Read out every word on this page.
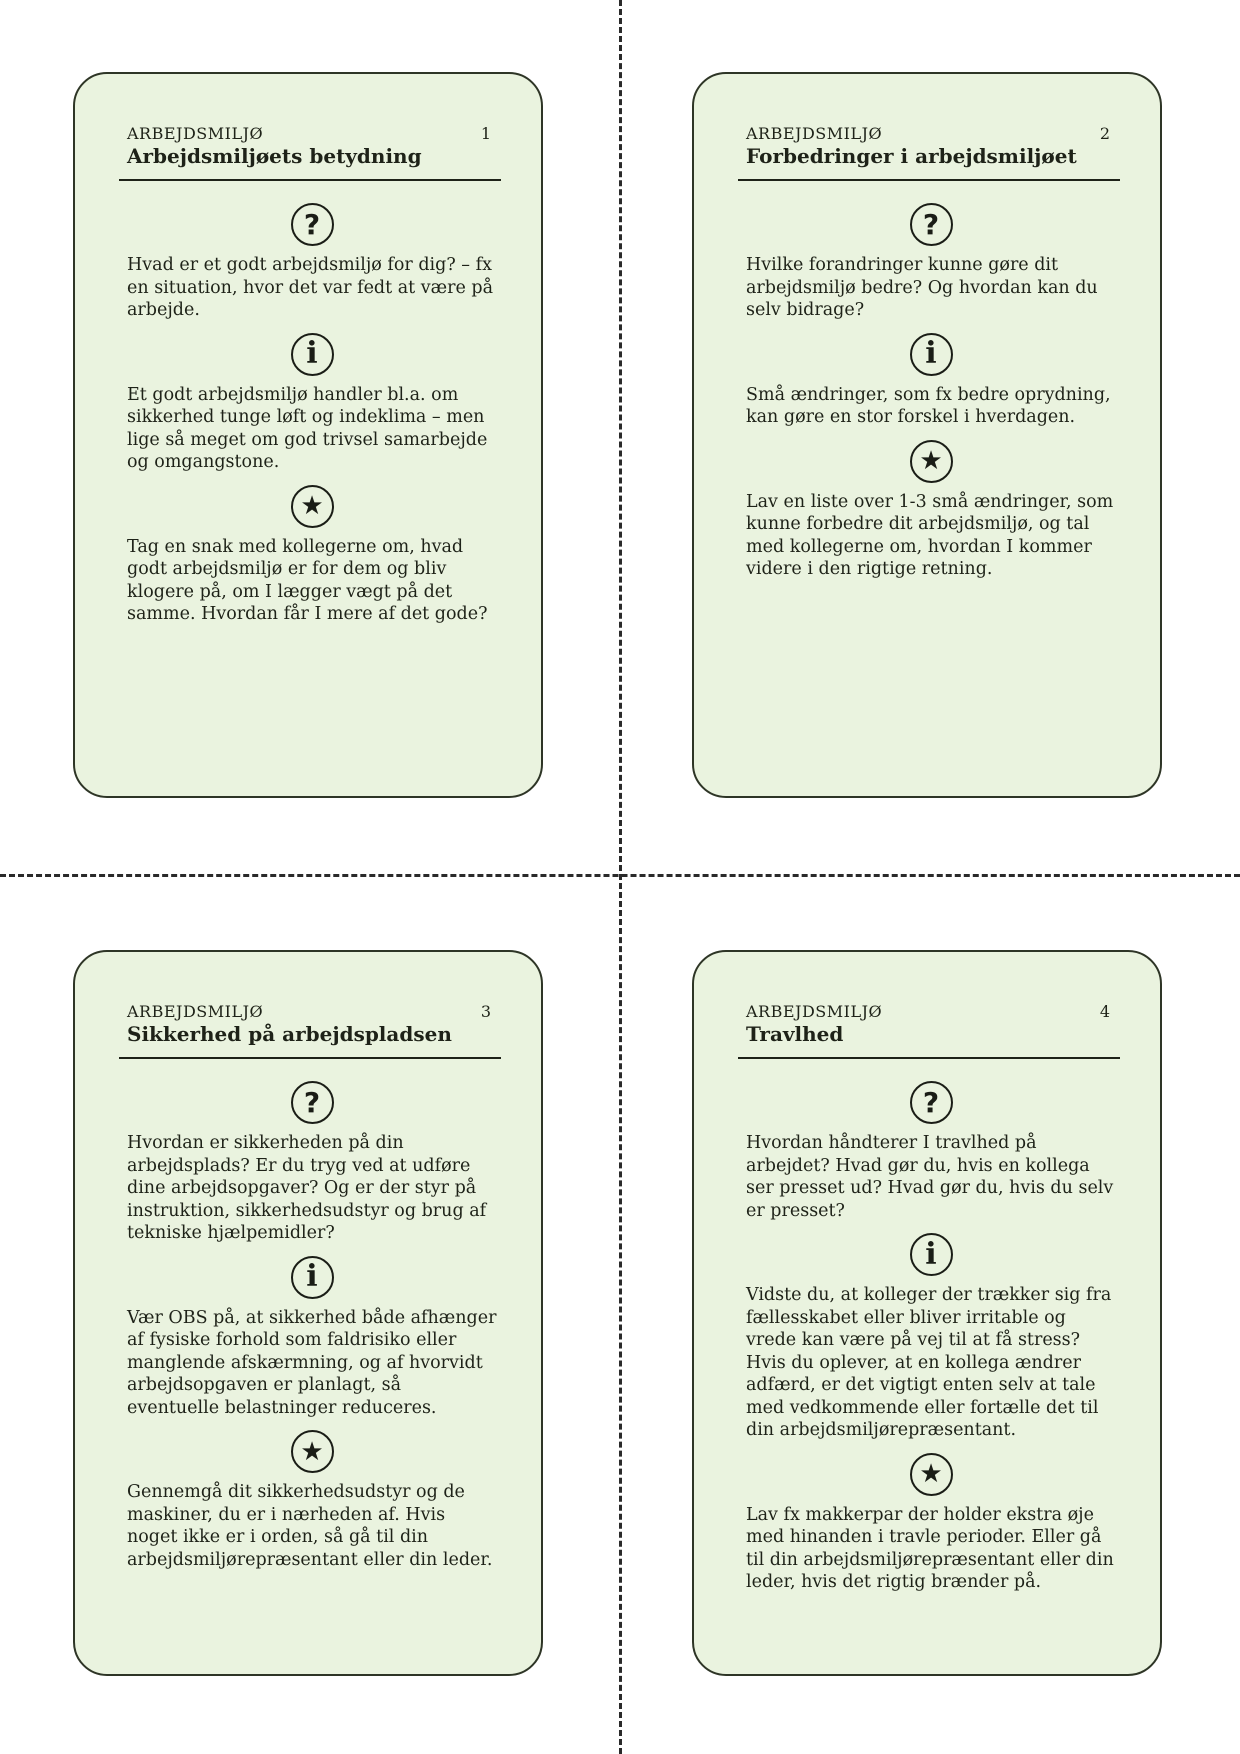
ARBEJDSMILJØ	1
Arbejdsmiljøets betydning
?

Hvad er et godt arbejdsmiljø for dig? – fx en situation, hvor det var fedt at være på arbejde.

i

Et godt arbejdsmiljø handler bl.a. om sikkerhed tunge løft og indeklima – men lige så meget om god trivsel samarbejde og omgangstone.

★

Tag en snak med kollegerne om, hvad godt arbejdsmiljø er for dem og bliv klogere på, om I lægger vægt på det samme. Hvordan får I mere af det gode?

ARBEJDSMILJØ	2
Forbedringer i arbejdsmiljøet
?

Hvilke forandringer kunne gøre dit arbejdsmiljø bedre? Og hvordan kan du selv bidrage?

i

Små ændringer, som fx bedre oprydning, kan gøre en stor forskel i hverdagen.

★

Lav en liste over 1-3 små ændringer, som kunne forbedre dit arbejdsmiljø, og tal med kollegerne om, hvordan I kommer videre i den rigtige retning.

ARBEJDSMILJØ	3
Sikkerhed på arbejdspladsen
?

Hvordan er sikkerheden på din arbejdsplads? Er du tryg ved at udføre dine arbejdsopgaver? Og er der styr på instruktion, sikkerhedsudstyr og brug af tekniske hjælpemidler?

i

Vær OBS på, at sikkerhed både afhænger af fysiske forhold som faldrisiko eller manglende afskærmning, og af hvorvidt arbejdsopgaven er planlagt, så eventuelle belastninger reduceres.

★

Gennemgå dit sikkerhedsudstyr og de maskiner, du er i nærheden af. Hvis noget ikke er i orden, så gå til din arbejdsmiljørepræsentant eller din leder.

ARBEJDSMILJØ	4
Travlhed
?

Hvordan håndterer I travlhed på arbejdet? Hvad gør du, hvis en kollega ser presset ud? Hvad gør du, hvis du selv er presset?

i

Vidste du, at kolleger der trækker sig fra fællesskabet eller bliver irritable og vrede kan være på vej til at få stress? Hvis du oplever, at en kollega ændrer adfærd, er det vigtigt enten selv at tale med vedkommende eller fortælle det til din arbejdsmiljørepræsentant.

★

Lav fx makkerpar der holder ekstra øje med hinanden i travle perioder. Eller gå til din arbejdsmiljørepræsentant eller din leder, hvis det rigtig brænder på.
